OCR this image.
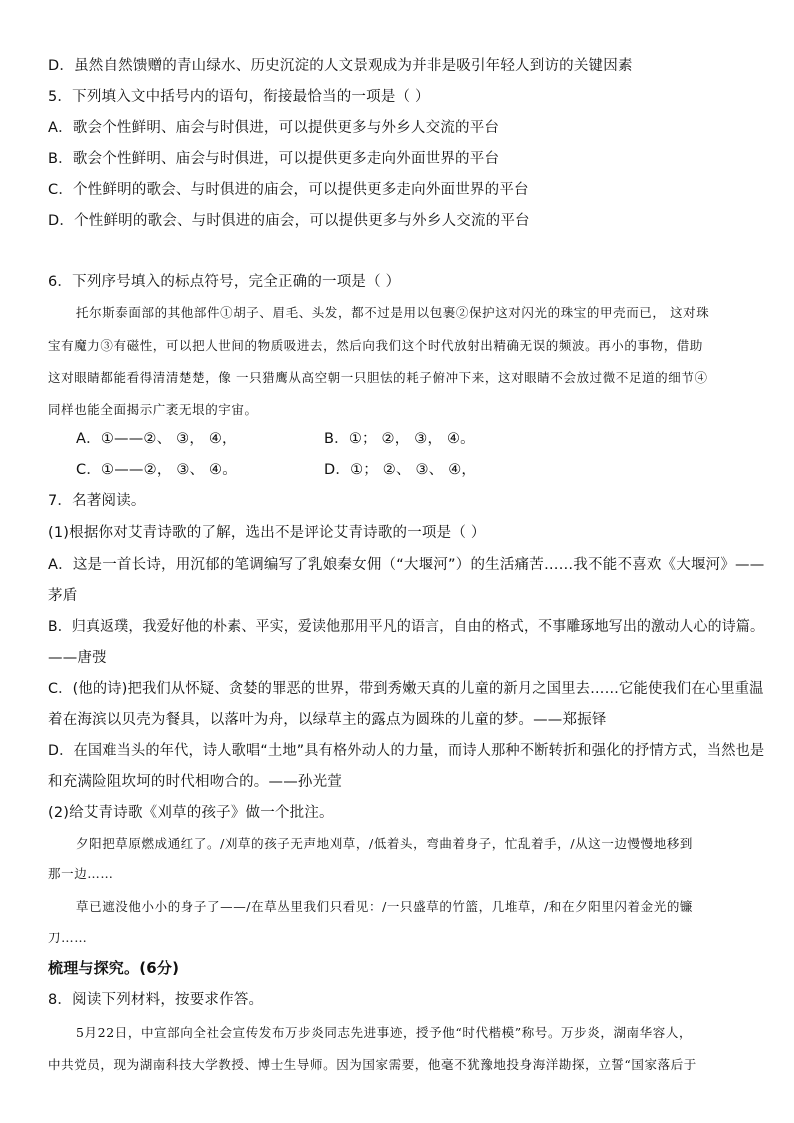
D．虽然自然馈赠的青山绿水、历史沉淀的人文景观成为并非是吸引年轻人到访的关键因素
5．下列填入文中括号内的语句，衔接最恰当的一项是（ ）
A．歌会个性鲜明、庙会与时俱进，可以提供更多与外乡人交流的平台
B．歌会个性鲜明、庙会与时俱进，可以提供更多走向外面世界的平台
C．个性鲜明的歌会、与时俱进的庙会，可以提供更多走向外面世界的平台
D．个性鲜明的歌会、与时俱进的庙会，可以提供更多与外乡人交流的平台
6．下列序号填入的标点符号，完全正确的一项是（ ）
托尔斯泰面部的其他部件①胡子、眉毛、头发，都不过是用以包裹②保护这对闪光的珠宝的甲壳而已， 这对珠
宝有魔力③有磁性，可以把人世间的物质吸进去，然后向我们这个时代放射出精确无误的频波。再小的事物，借助
这对眼睛都能看得清清楚楚，像 一只猎鹰从高空朝一只胆怯的耗子俯冲下来，这对眼睛不会放过微不足道的细节④
同样也能全面揭示广袤无垠的宇宙。
A．①——②、 ③， ④，	B．①； ②， ③， ④。
C．①——②， ③、 ④。	D．①； ②、 ③、 ④，
7．名著阅读。
(1)根据你对艾青诗歌的了解，选出不是评论艾青诗歌的一项是（ ）
A．这是一首长诗，用沉郁的笔调编写了乳娘秦女佣（“大堰河”）的生活痛苦……我不能不喜欢《大堰河》——
茅盾
B．归真返璞，我爱好他的朴素、平实，爱读他那用平凡的语言，自由的格式，不事雕琢地写出的激动人心的诗篇。
——唐弢
C．(他的诗)把我们从怀疑、贪婪的罪恶的世界，带到秀嫩天真的儿童的新月之国里去……它能使我们在心里重温
着在海滨以贝壳为餐具，以落叶为舟，以绿草主的露点为圆珠的儿童的梦。——郑振铎
D．在国难当头的年代，诗人歌唱“土地”具有格外动人的力量，而诗人那种不断转折和强化的抒情方式，当然也是
和充满险阻坎坷的时代相吻合的。——孙光萱
(2)给艾青诗歌《刈草的孩子》做一个批注。
夕阳把草原燃成通红了。/刈草的孩子无声地刈草，/低着头，弯曲着身子，忙乱着手，/从这一边慢慢地移到
那一边……
草已遮没他小小的身子了——/在草丛里我们只看见：/一只盛草的竹篮，几堆草，/和在夕阳里闪着金光的镰
刀……
梳理与探究。(6分)
8．阅读下列材料，按要求作答。
5月22日，中宣部向全社会宣传发布万步炎同志先进事迹，授予他“时代楷模”称号。万步炎，湖南华容人，
中共党员，现为湖南科技大学教授、博士生导师。因为国家需要，他毫不犹豫地投身海洋勘探，立誓“国家落后于
